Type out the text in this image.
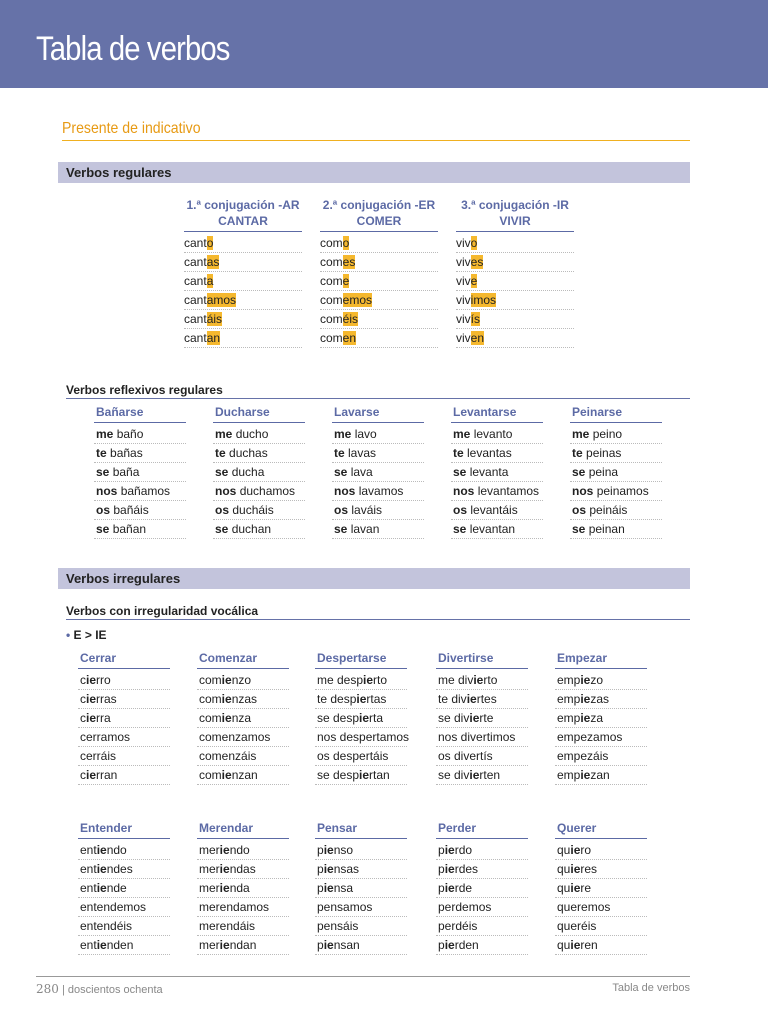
Tabla de verbos
Presente de indicativo
Verbos regulares
1.ª conjugación -AR
CANTAR
canto
cantas
canta
cantamos
cantáis
cantan
2.ª conjugación -ER
COMER
como
comes
come
comemos
coméis
comen
3.ª conjugación -IR
VIVIR
vivo
vives
vive
vivimos
vivís
viven
Verbos reflexivos regulares
Bañarse
me baño
te bañas
se baña
nos bañamos
os bañáis
se bañan
Ducharse
me ducho
te duchas
se ducha
nos duchamos
os ducháis
se duchan
Lavarse
me lavo
te lavas
se lava
nos lavamos
os laváis
se lavan
Levantarse
me levanto
te levantas
se levanta
nos levantamos
os levantáis
se levantan
Peinarse
me peino
te peinas
se peina
nos peinamos
os peináis
se peinan
Verbos irregulares
Verbos con irregularidad vocálica
• E > IE
Cerrar
cierro
cierras
cierra
cerramos
cerráis
cierran
Comenzar
comienzo
comienzas
comienza
comenzamos
comenzáis
comienzan
Despertarse
me despierto
te despiertas
se despierta
nos despertamos
os despertáis
se despiertan
Divertirse
me divierto
te diviertes
se divierte
nos divertimos
os divertís
se divierten
Empezar
empiezo
empiezas
empieza
empezamos
empezáis
empiezan
Entender
entiendo
entiendes
entiende
entendemos
entendéis
entienden
Merendar
meriendo
meriendas
merienda
merendamos
merendáis
meriendan
Pensar
pienso
piensas
piensa
pensamos
pensáis
piensan
Perder
pierdo
pierdes
pierde
perdemos
perdéis
pierden
Querer
quiero
quieres
quiere
queremos
queréis
quieren
280 | doscientos ochenta	Tabla de verbos
